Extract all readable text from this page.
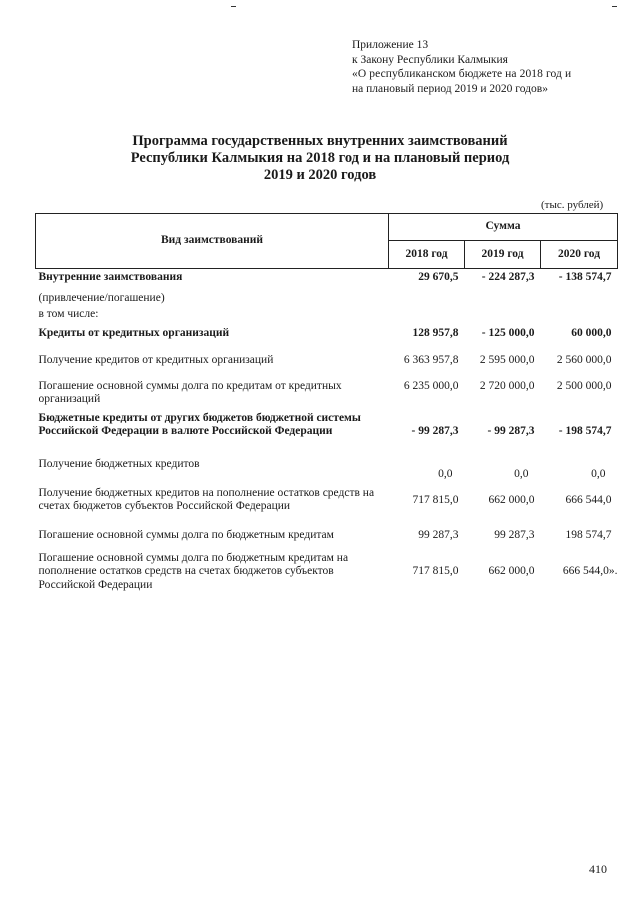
Приложение 13
к Закону Республики Калмыкия
«О республиканском бюджете на 2018 год и
на плановый период 2019 и 2020 годов»
Программа государственных внутренних заимствований
Республики Калмыкия на 2018 год и на плановый период
2019 и 2020 годов
(тыс. рублей)
Вид заимствований	Сумма		
	2018 год	2019 год	2020 год
Внутренние заимствования	29 670,5	- 224 287,3	- 138 574,7
(привлечение/погашение)			
в том числе:			
Кредиты от кредитных организаций	128 957,8	- 125 000,0	60 000,0
Получение кредитов от кредитных организаций	6 363 957,8	2 595 000,0	2 560 000,0
Погашение основной суммы долга по кредитам от кредитных организаций	6 235 000,0	2 720 000,0	2 500 000,0
Бюджетные кредиты от других бюджетов бюджетной системы Российской Федерации в валюте Российской Федерации	- 99 287,3	- 99 287,3	- 198 574,7
Получение бюджетных кредитов	0,0	0,0	0,0
Получение бюджетных кредитов на пополнение остатков средств на счетах бюджетов субъектов Российской Федерации	717 815,0	662 000,0	666 544,0
Погашение основной суммы долга по бюджетным кредитам	99 287,3	99 287,3	198 574,7
Погашение основной суммы долга по бюджетным кредитам на пополнение остатков средств на счетах бюджетов субъектов Российской Федерации	717 815,0	662 000,0	666 544,0».
410
